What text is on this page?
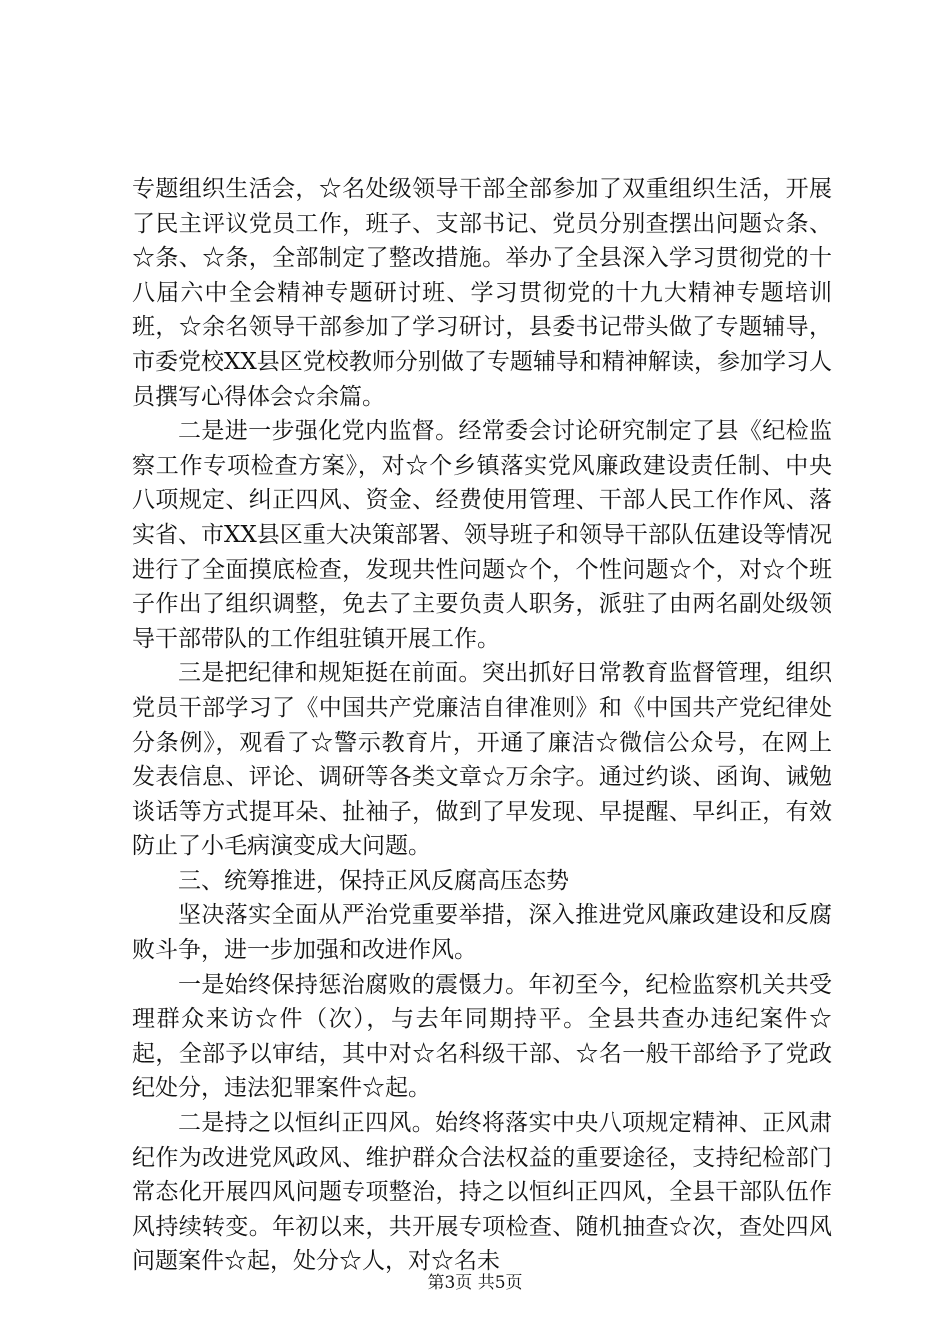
专题组织生活会，☆名处级领导干部全部参加了双重组织生活，开展了民主评议党员工作，班子、支部书记、党员分别查摆出问题☆条、☆条、☆条，全部制定了整改措施。举办了全县深入学习贯彻党的十八届六中全会精神专题研讨班、学习贯彻党的十九大精神专题培训班，☆余名领导干部参加了学习研讨，县委书记带头做了专题辅导，市委党校XX县区党校教师分别做了专题辅导和精神解读，参加学习人员撰写心得体会☆余篇。

二是进一步强化党内监督。经常委会讨论研究制定了县《纪检监察工作专项检查方案》，对☆个乡镇落实党风廉政建设责任制、中央八项规定、纠正四风、资金、经费使用管理、干部人民工作作风、落实省、市XX县区重大决策部署、领导班子和领导干部队伍建设等情况进行了全面摸底检查，发现共性问题☆个，个性问题☆个，对☆个班子作出了组织调整，免去了主要负责人职务，派驻了由两名副处级领导干部带队的工作组驻镇开展工作。

三是把纪律和规矩挺在前面。突出抓好日常教育监督管理，组织党员干部学习了《中国共产党廉洁自律准则》和《中国共产党纪律处分条例》，观看了☆警示教育片，开通了廉洁☆微信公众号，在网上发表信息、评论、调研等各类文章☆万余字。通过约谈、函询、诫勉谈话等方式提耳朵、扯袖子，做到了早发现、早提醒、早纠正，有效防止了小毛病演变成大问题。

三、统筹推进，保持正风反腐高压态势

坚决落实全面从严治党重要举措，深入推进党风廉政建设和反腐败斗争，进一步加强和改进作风。

一是始终保持惩治腐败的震慑力。年初至今，纪检监察机关共受理群众来访☆件（次），与去年同期持平。全县共查办违纪案件☆起，全部予以审结，其中对☆名科级干部、☆名一般干部给予了党政纪处分，违法犯罪案件☆起。

二是持之以恒纠正四风。始终将落实中央八项规定精神、正风肃纪作为改进党风政风、维护群众合法权益的重要途径，支持纪检部门常态化开展四风问题专项整治，持之以恒纠正四风，全县干部队伍作风持续转变。年初以来，共开展专项检查、随机抽查☆次，查处四风问题案件☆起，处分☆人，对☆名未

第3页 共5页
